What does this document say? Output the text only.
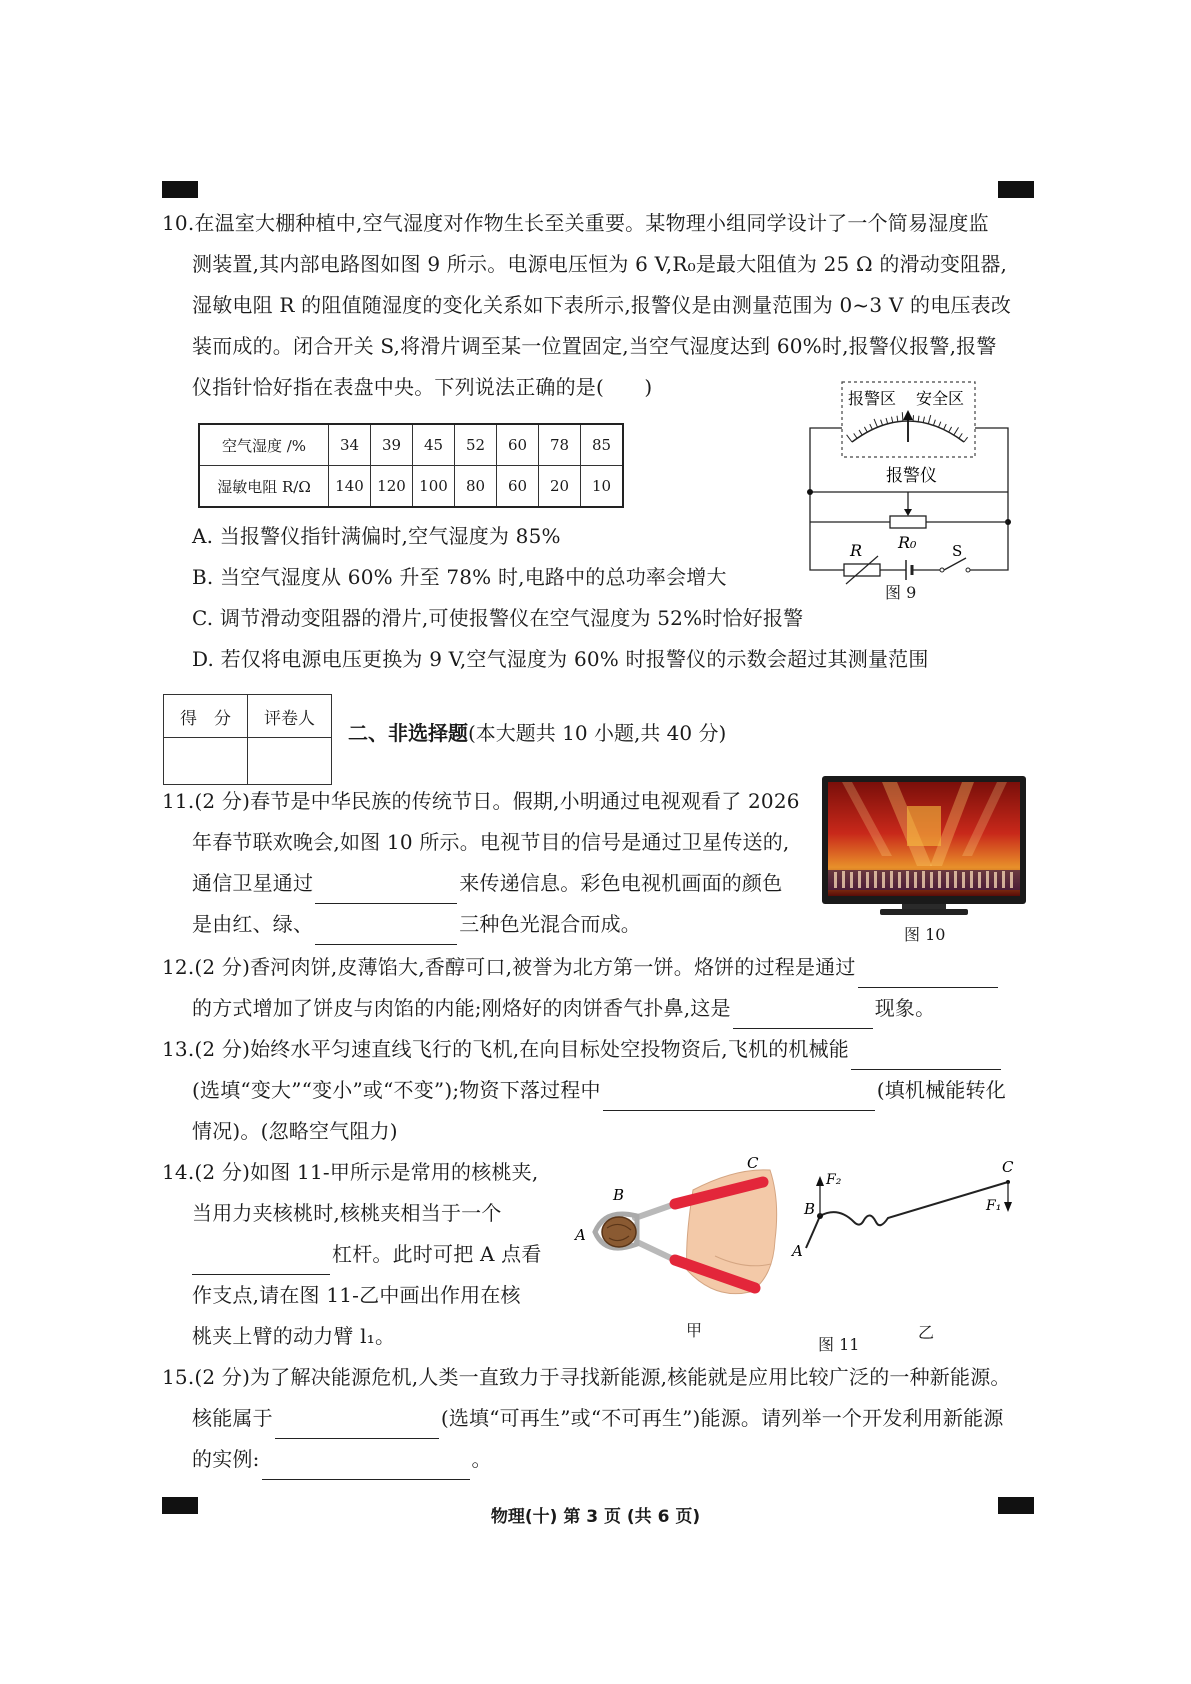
10.在温室大棚种植中,空气湿度对作物生长至关重要。某物理小组同学设计了一个简易湿度监
测装置,其内部电路图如图 9 所示。电源电压恒为 6 V,R₀是最大阻值为 25 Ω 的滑动变阻器,
湿敏电阻 R 的阻值随湿度的变化关系如下表所示,报警仪是由测量范围为 0~3 V 的电压表改
装而成的。闭合开关 S,将滑片调至某一位置固定,当空气湿度达到 60%时,报警仪报警,报警
仪指针恰好指在表盘中央。下列说法正确的是(　　)
空气湿度 /%	34	39	45	52	60	78	85
湿敏电阻 R/Ω	140	120	100	80	60	20	10
A. 当报警仪指针满偏时,空气湿度为 85%
B. 当空气湿度从 60% 升至 78% 时,电路中的总功率会增大
C. 调节滑动变阻器的滑片,可使报警仪在空气湿度为 52%时恰好报警
D. 若仅将电源电压更换为 9 V,空气湿度为 60% 时报警仪的示数会超过其测量范围
报警区 安全区
报警仪
R₀
R	S
图 9
得　分	评卷人

二、非选择题(本大题共 10 小题,共 40 分)
11.(2 分)春节是中华民族的传统节日。假期,小明通过电视观看了 2026
年春节联欢晚会,如图 10 所示。电视节目的信号是通过卫星传送的,
通信卫星通过	来传递信息。彩色电视机画面的颜色
是由红、绿、	三种色光混合而成。	图 10
12.(2 分)香河肉饼,皮薄馅大,香醇可口,被誉为北方第一饼。烙饼的过程是通过
的方式增加了饼皮与肉馅的内能;刚烙好的肉饼香气扑鼻,这是	现象。
13.(2 分)始终水平匀速直线飞行的飞机,在向目标处空投物资后,飞机的机械能
(选填“变大”“变小”或“不变”);物资下落过程中	(填机械能转化
情况)。(忽略空气阻力)
14.(2 分)如图 11-甲所示是常用的核桃夹,
当用力夹核桃时,核桃夹相当于一个
杠杆。此时可把 A 点看
作支点,请在图 11-乙中画出作用在核
桃夹上臂的动力臂 l₁。
A
B
C
甲
A
B
C
F₂
F₁
乙
图 11
15.(2 分)为了解决能源危机,人类一直致力于寻找新能源,核能就是应用比较广泛的一种新能源。
核能属于	(选填“可再生”或“不可再生”)能源。请列举一个开发利用新能源
的实例:	。
物理(十) 第 3 页 (共 6 页)
